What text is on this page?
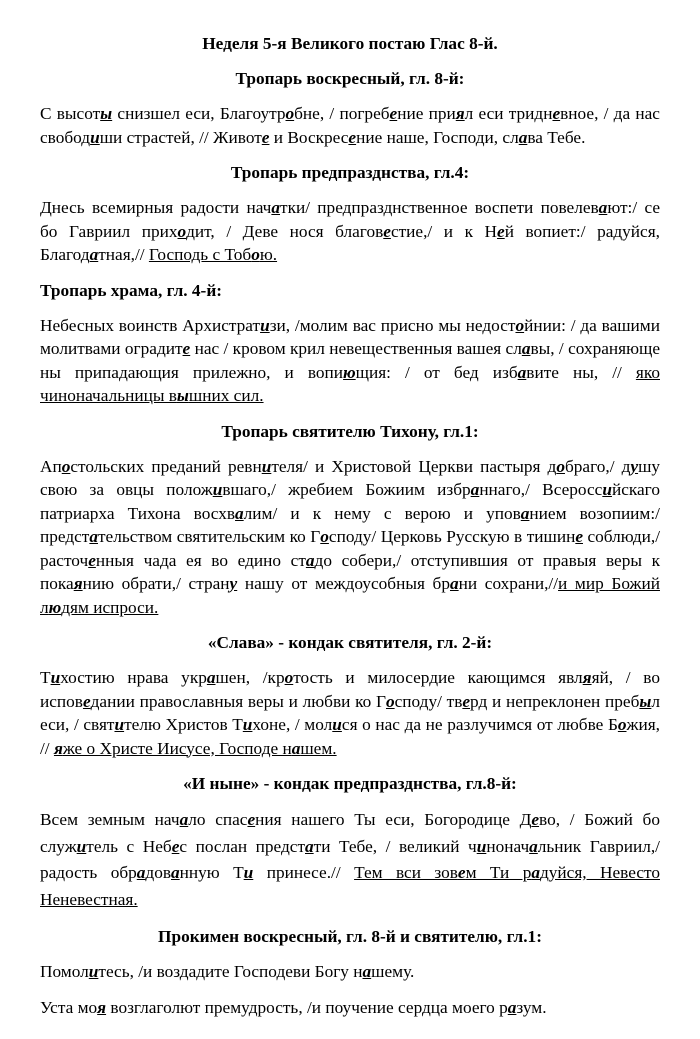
Неделя 5-я Великого постаю Глас 8-й.
Тропарь воскресный, гл. 8-й:
С высоты снизшел еси, Благоутробне, / погребение приял еси тридневное, / да нас свободиши страстей, // Животе и Воскресение наше, Господи, слава Тебе.
Тропарь предпразднства, гл.4:
Днесь всемирныя радости начатки/ предпразднственное воспети повелевают:/ се бо Гавриил приходит, / Деве нося благовестие,/ и к Ней вопиет:/ радуйся, Благодатная,// Господь с Тобою.
Тропарь храма, гл. 4-й:
Небесных воинств Архистратизи, /молим вас присно мы недостойнии: / да вашими молитвами оградите нас / кровом крил невещественныя вашея славы, / сохраняюще ны припадающия прилежно, и вопиющия: / от бед избавите ны, // яко чиноначальницы вышних сил.
Тропарь святителю Тихону, гл.1:
Апостольских преданий ревнителя/ и Христовой Церкви пастыря добраго,/ душу свою за овцы положившаго,/ жребием Божиим избраннаго,/ Всероссийскаго патриарха Тихона восхвалим/ и к нему с верою и упованием возопиим:/ предстательством святительским ко Господy/ Церковь Русскую в тишине соблюди,/ расточенныя чада ея во едино стадо собери,/ отступившия от правыя веры к покаянию обрати,/ страну нашу от междоусобныя брани сохрани,//и мир Божий людям испроси.
«Слава» - кондак святителя, гл. 2-й:
Тихостию нрава украшен, /кротость и милосердие кающимся являяй, / во исповедании православныя веры и любви ко Господy/ тверд и непреклонен пребыл еси, / святителю Христов Тихоне, / молися о нас да не разлучимся от любве Божия, // яже о Христе Иисусе, Господе нашем.
«И ныне» - кондак предпразднства, гл.8-й:
Всем земным начало спасения нашего Ты еси, Богородице Дево, / Божий бо служитель с Небес послан предстати Тебе, / великий чиноначальник Гавриил,/ радость обрадованную Ти принесе.// Тем вси зовем Ти радуйся, Невесто Неневестная.
Прокимен воскресный, гл. 8-й и святителю, гл.1:
Помолитесь, /и воздадите Господеви Богу нашему.
Уста моя возглаголют премудрость, /и поучение сердца моего разум.
